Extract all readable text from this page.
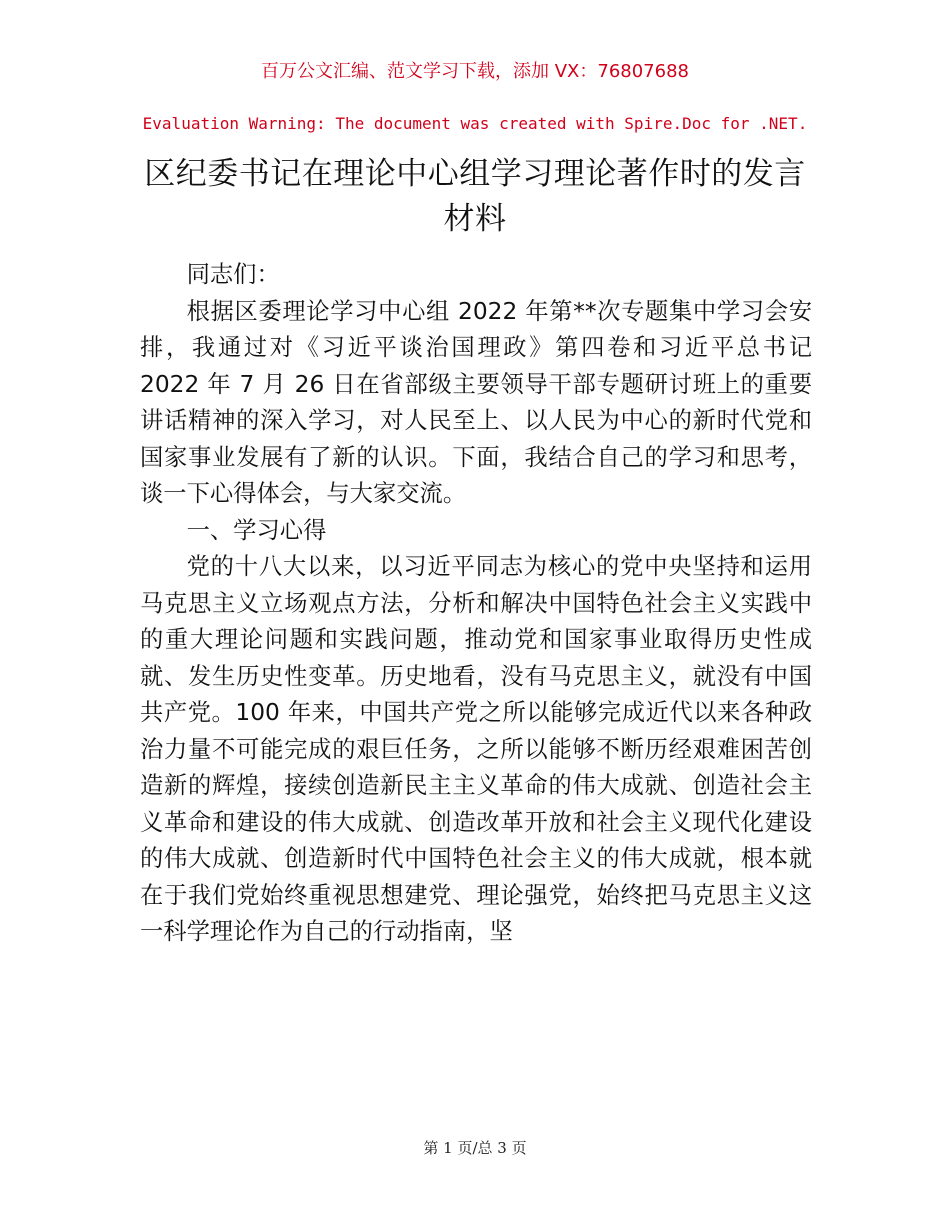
百万公文汇编、范文学习下载，添加 VX：76807688
Evaluation Warning: The document was created with Spire.Doc for .NET.
区纪委书记在理论中心组学习理论著作时的发言材料

同志们：

根据区委理论学习中心组 2022 年第**次专题集中学习会安排，我通过对《习近平谈治国理政》第四卷和习近平总书记 2022 年 7 月 26 日在省部级主要领导干部专题研讨班上的重要讲话精神的深入学习，对人民至上、以人民为中心的新时代党和国家事业发展有了新的认识。下面，我结合自己的学习和思考，谈一下心得体会，与大家交流。

一、学习心得

党的十八大以来，以习近平同志为核心的党中央坚持和运用马克思主义立场观点方法，分析和解决中国特色社会主义实践中的重大理论问题和实践问题，推动党和国家事业取得历史性成就、发生历史性变革。历史地看，没有马克思主义，就没有中国共产党。100 年来，中国共产党之所以能够完成近代以来各种政治力量不可能完成的艰巨任务，之所以能够不断历经艰难困苦创造新的辉煌，接续创造新民主主义革命的伟大成就、创造社会主义革命和建设的伟大成就、创造改革开放和社会主义现代化建设的伟大成就、创造新时代中国特色社会主义的伟大成就，根本就在于我们党始终重视思想建党、理论强党，始终把马克思主义这一科学理论作为自己的行动指南，坚

第 1 页/总 3 页
